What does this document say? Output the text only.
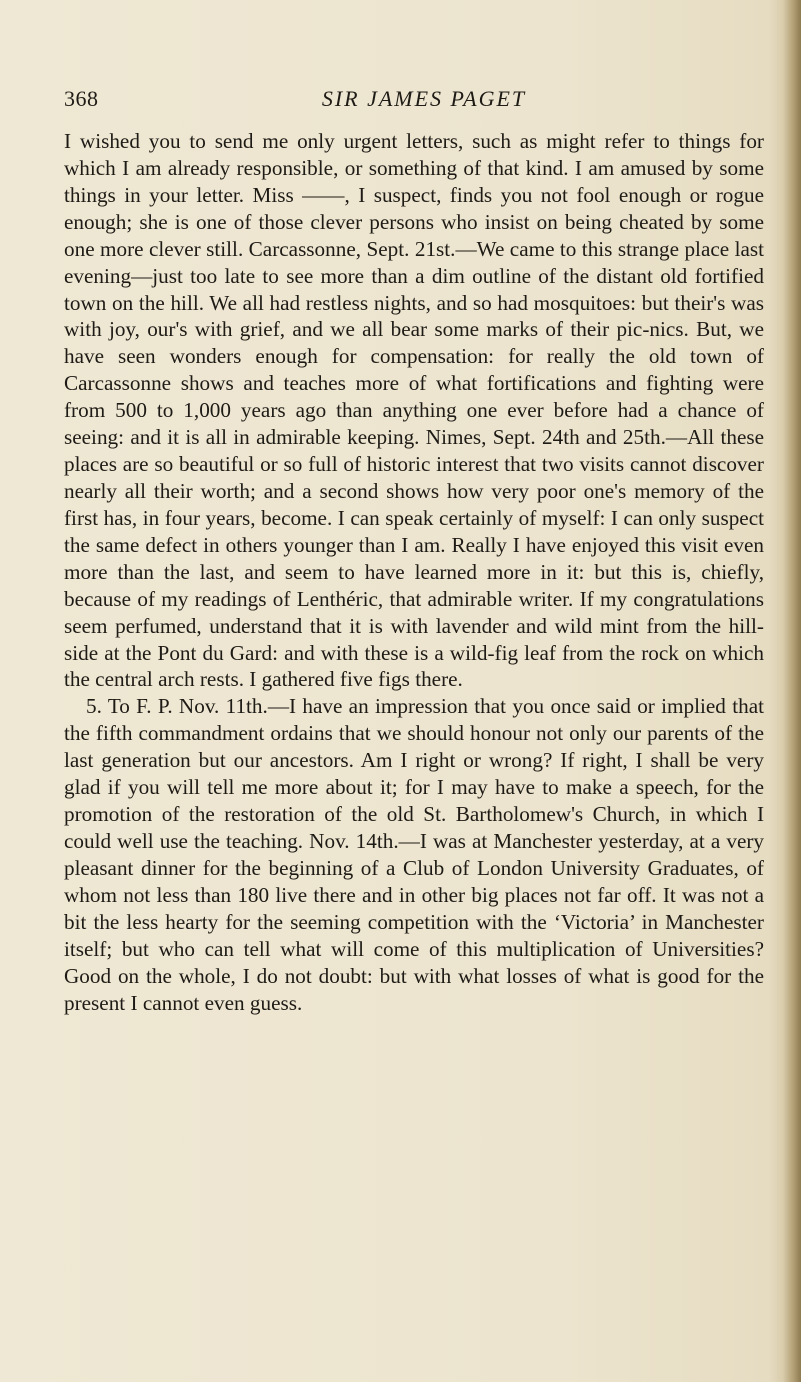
368	SIR JAMES PAGET

I wished you to send me only urgent letters, such as might refer to things for which I am already responsible, or something of that kind. I am amused by some things in your letter. Miss ——, I suspect, finds you not fool enough or rogue enough; she is one of those clever persons who insist on being cheated by some one more clever still. Carcassonne, Sept. 21st.—We came to this strange place last evening—just too late to see more than a dim outline of the distant old fortified town on the hill. We all had restless nights, and so had mosquitoes: but their's was with joy, our's with grief, and we all bear some marks of their pic-nics. But, we have seen wonders enough for compensation: for really the old town of Carcassonne shows and teaches more of what fortifications and fighting were from 500 to 1,000 years ago than anything one ever before had a chance of seeing: and it is all in admirable keeping. Nimes, Sept. 24th and 25th.—All these places are so beautiful or so full of historic interest that two visits cannot discover nearly all their worth; and a second shows how very poor one's memory of the first has, in four years, become. I can speak certainly of myself: I can only suspect the same defect in others younger than I am. Really I have enjoyed this visit even more than the last, and seem to have learned more in it: but this is, chiefly, because of my readings of Lenthéric, that admirable writer. If my congratulations seem perfumed, understand that it is with lavender and wild mint from the hill-side at the Pont du Gard: and with these is a wild-fig leaf from the rock on which the central arch rests. I gathered five figs there.

5. To F. P. Nov. 11th.—I have an impression that you once said or implied that the fifth commandment ordains that we should honour not only our parents of the last generation but our ancestors. Am I right or wrong? If right, I shall be very glad if you will tell me more about it; for I may have to make a speech, for the promotion of the restoration of the old St. Bartholomew's Church, in which I could well use the teaching. Nov. 14th.—I was at Manchester yesterday, at a very pleasant dinner for the beginning of a Club of London University Graduates, of whom not less than 180 live there and in other big places not far off. It was not a bit the less hearty for the seeming competition with the ‘Victoria’ in Manchester itself; but who can tell what will come of this multiplication of Universities? Good on the whole, I do not doubt: but with what losses of what is good for the present I cannot even guess.
